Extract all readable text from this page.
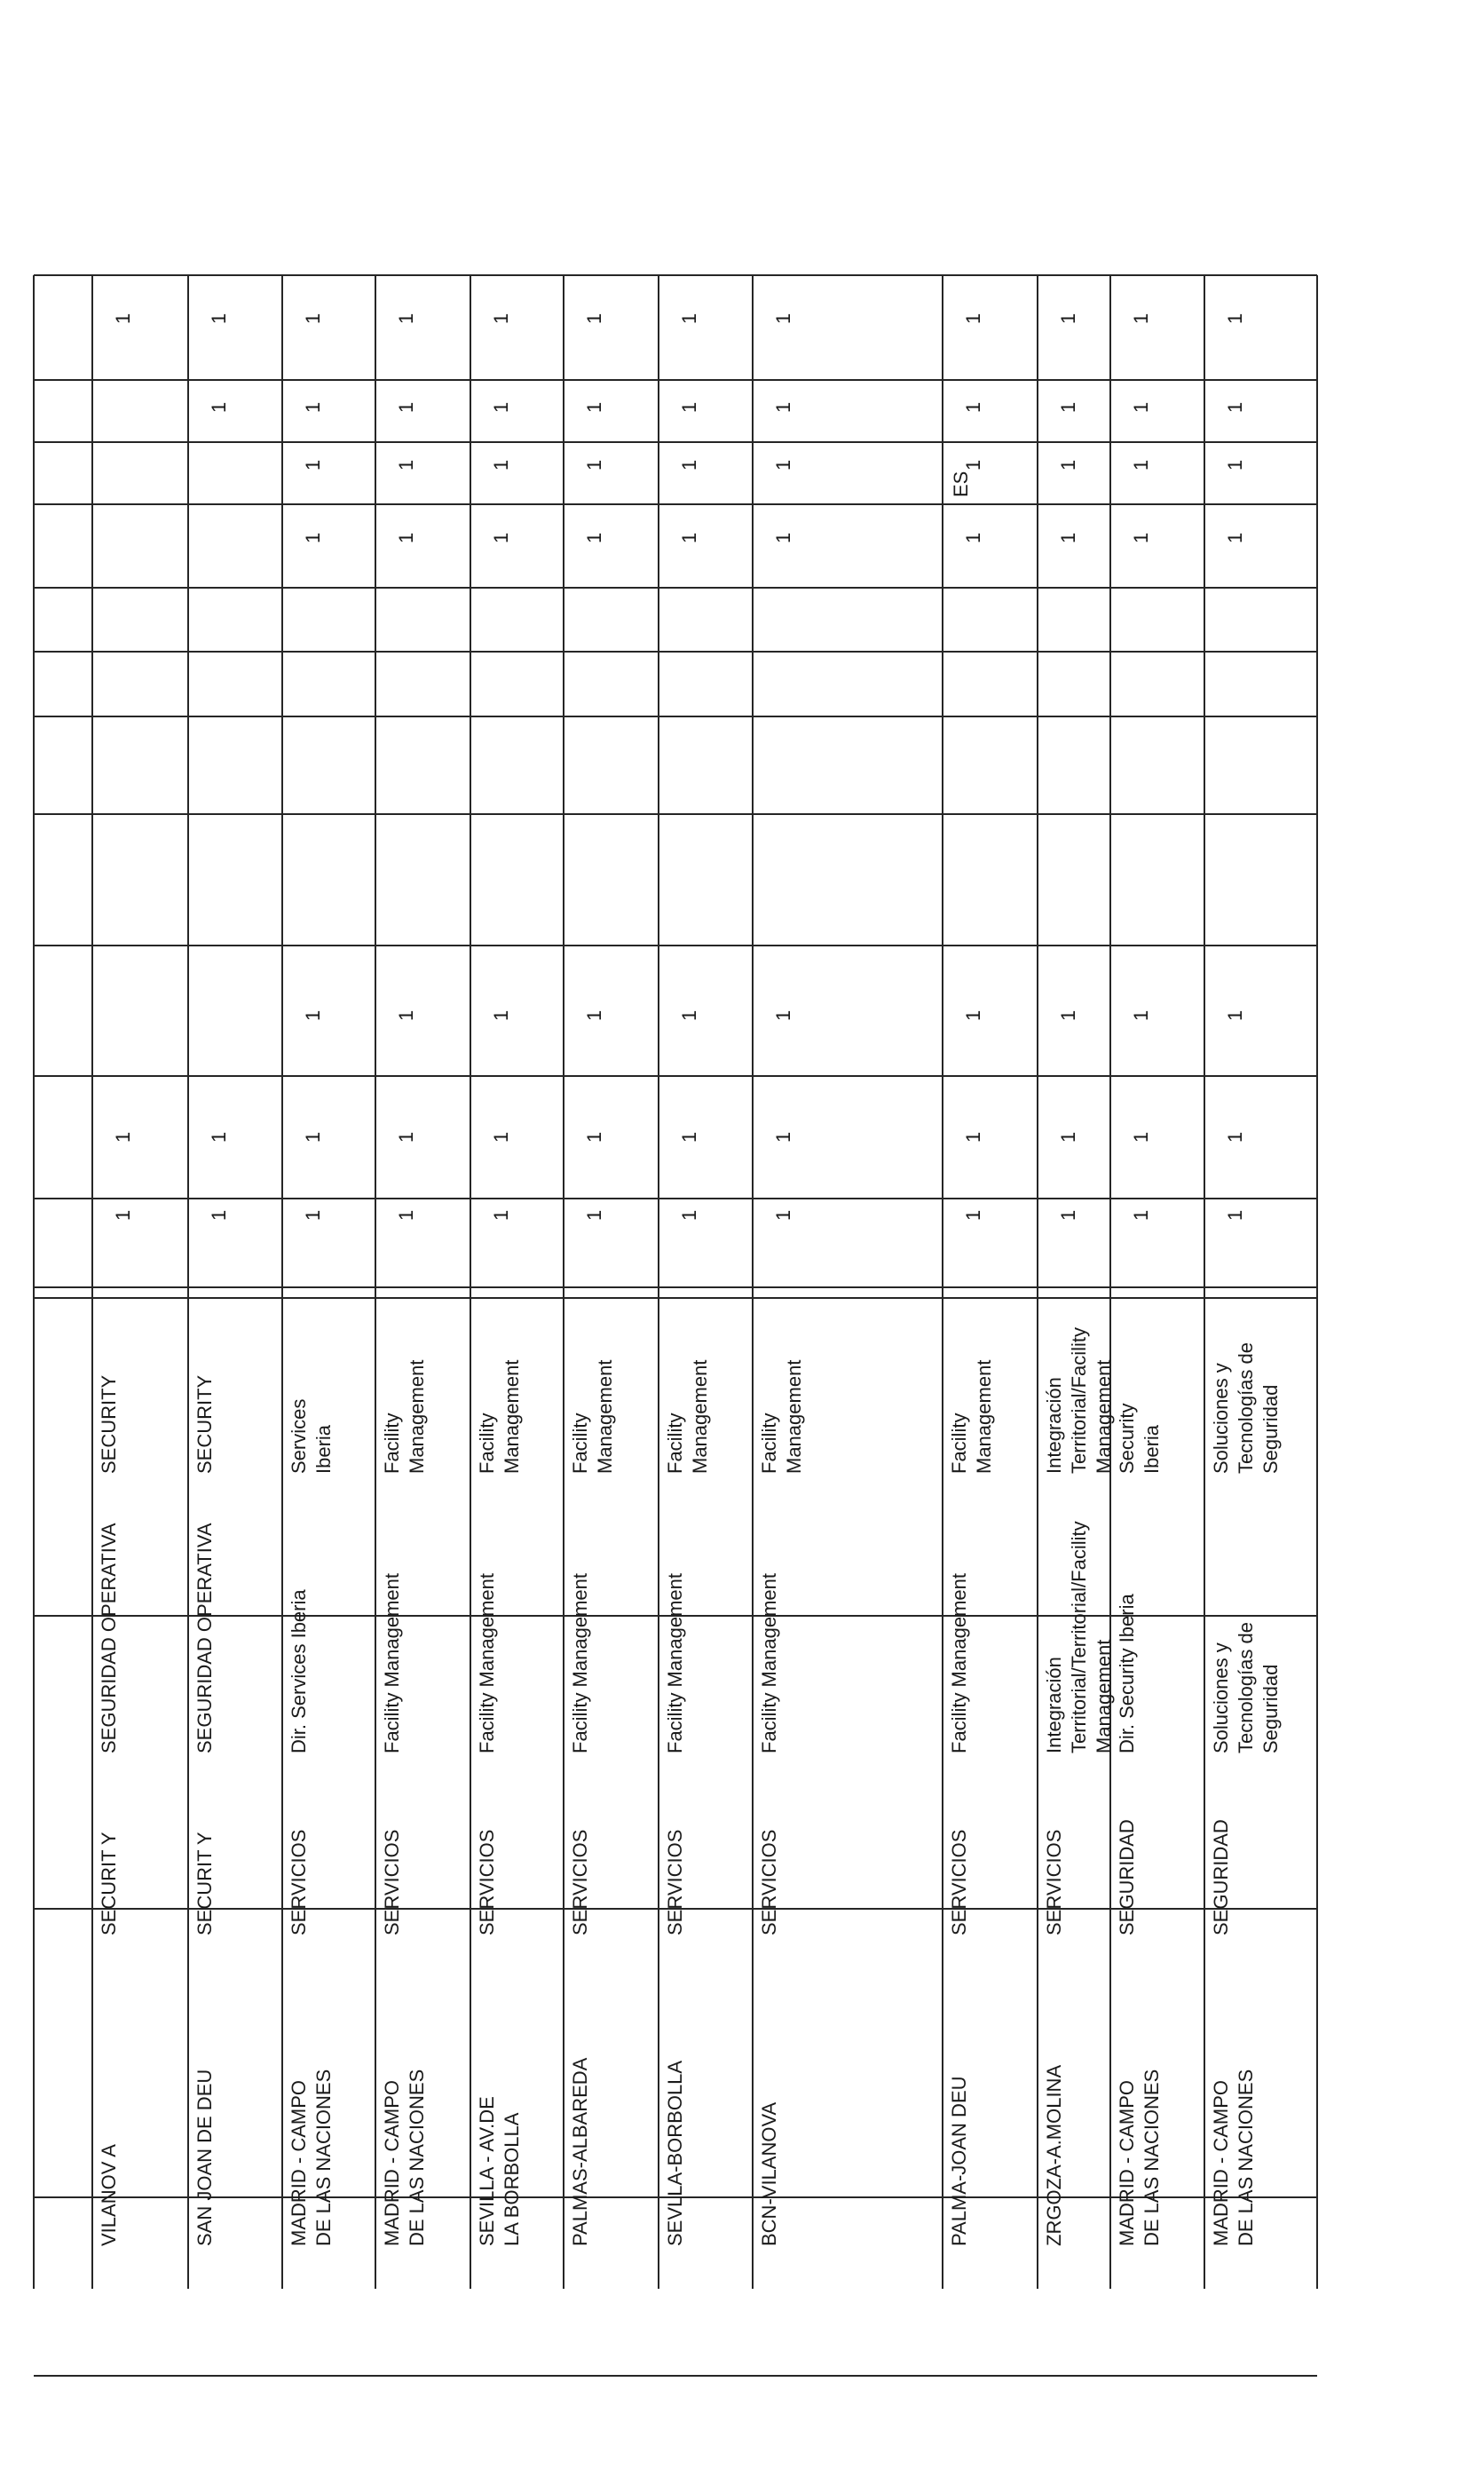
ES
VILANOV A
SECURIT Y
SEGURIDAD OPERATIVA
SECURITY
1
1
1
SAN JOAN DE DEU
SECURIT Y
SEGURIDAD OPERATIVA
SECURITY
1
1
1
1
MADRID - CAMPO DE LAS NACIONES
SERVICIOS
Dir. Services Iberia
Services Iberia
1
1
1
1
1
1
1
MADRID - CAMPO DE LAS NACIONES
SERVICIOS
Facility Management
Facility Management
1
1
1
1
1
1
1
SEVILLA - AV.DE LA BORBOLLA
SERVICIOS
Facility Management
Facility Management
1
1
1
1
1
1
1
PALMAS-ALBAREDA
SERVICIOS
Facility Management
Facility Management
1
1
1
1
1
1
1
SEVLLA-BORBOLLA
SERVICIOS
Facility Management
Facility Management
1
1
1
1
1
1
1
BCN-VILANOVA
SERVICIOS
Facility Management
Facility Management
1
1
1
1
1
1
1
PALMA-JOAN DEU
SERVICIOS
Facility Management
Facility Management
1
1
1
1
1
1
1
ZRGOZA-A.MOLINA
SERVICIOS
Integración Territorial/Territorial/Facility Management
Integración Territorial/Facility Management
1
1
1
1
1
1
1
MADRID - CAMPO DE LAS NACIONES
SEGURIDAD
Dir. Security Iberia
Security Iberia
1
1
1
1
1
1
1
MADRID - CAMPO DE LAS NACIONES
SEGURIDAD
Soluciones y Tecnologías de Seguridad
Soluciones y Tecnologías de Seguridad
1
1
1
1
1
1
1
